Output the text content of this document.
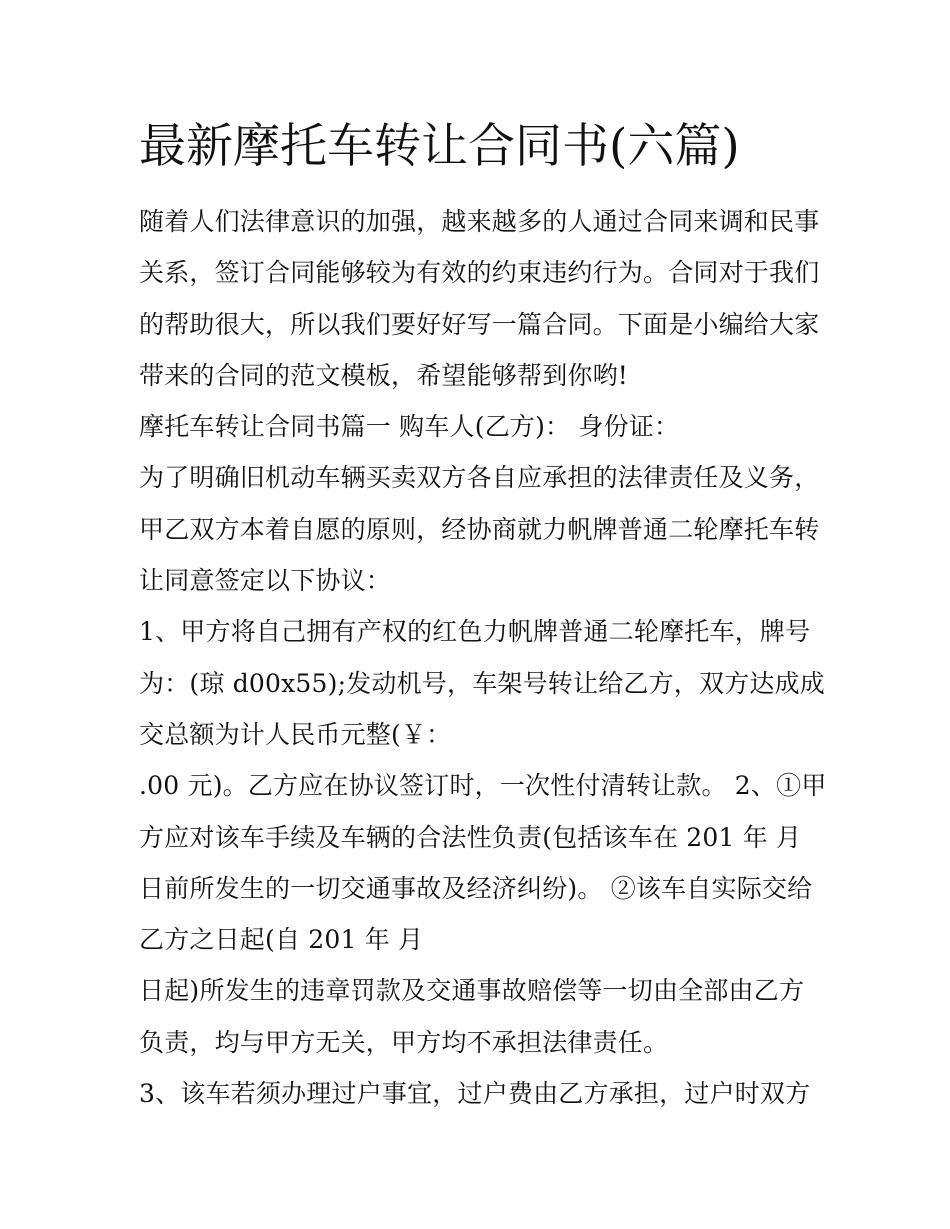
最新摩托车转让合同书(六篇)
随着人们法律意识的加强，越来越多的人通过合同来调和民事
关系，签订合同能够较为有效的约束违约行为。合同对于我们
的帮助很大，所以我们要好好写一篇合同。下面是小编给大家
带来的合同的范文模板，希望能够帮到你哟!
摩托车转让合同书篇一 购车人(乙方)： 身份证：
为了明确旧机动车辆买卖双方各自应承担的法律责任及义务，
甲乙双方本着自愿的原则，经协商就力帆牌普通二轮摩托车转
让同意签定以下协议：
1、甲方将自己拥有产权的红色力帆牌普通二轮摩托车，牌号
为：(琼 d00x55);发动机号，车架号转让给乙方，双方达成成
交总额为计人民币元整(￥：
.00 元)。乙方应在协议签订时，一次性付清转让款。 2、①甲
方应对该车手续及车辆的合法性负责(包括该车在 201 年 月
日前所发生的一切交通事故及经济纠纷)。 ②该车自实际交给
乙方之日起(自 201 年 月
日起)所发生的违章罚款及交通事故赔偿等一切由全部由乙方
负责，均与甲方无关，甲方均不承担法律责任。
3、该车若须办理过户事宜，过户费由乙方承担，过户时双方
